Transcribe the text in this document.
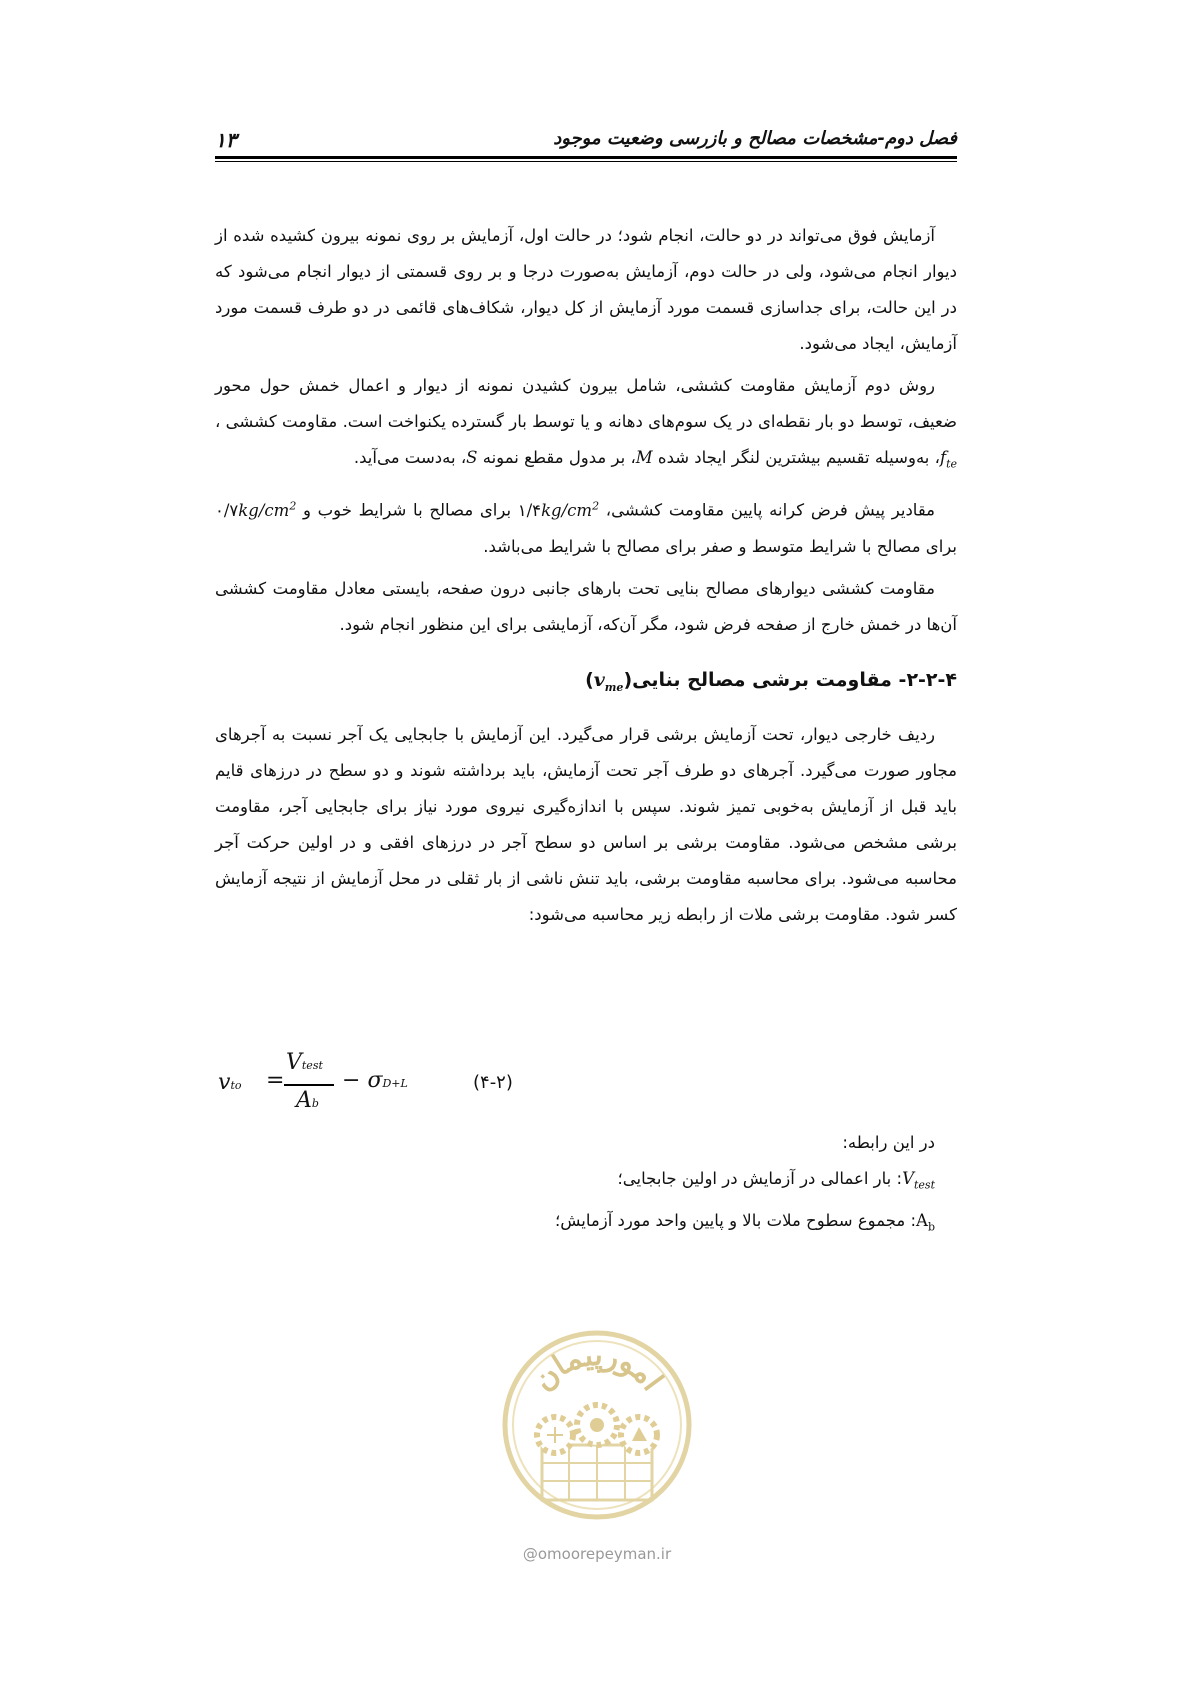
فصل دوم-مشخصات مصالح و بازرسی وضعیت موجود
۱۳

آزمایش فوق می‌تواند در دو حالت، انجام شود؛ در حالت اول، آزمایش بر روی نمونه بیرون کشیده شده از دیوار انجام می‌شود، ولی در حالت دوم، آزمایش به‌صورت درجا و بر روی قسمتی از دیوار انجام می‌شود که در این حالت، برای جداسازی قسمت مورد آزمایش از کل دیوار، شکاف‌های قائمی در دو طرف قسمت مورد آزمایش، ایجاد می‌شود.

روش دوم آزمایش مقاومت کششی، شامل بیرون کشیدن نمونه از دیوار و اعمال خمش حول محور ضعیف، توسط دو بار نقطه‌ای در یک سوم‌های دهانه و یا توسط بار گسترده یکنواخت است. مقاومت کششی ، $f_{te}،$ به‌وسیله تقسیم بیشترین لنگر ایجاد شده M، بر مدول مقطع نمونه S، به‌دست می‌آید.

مقادیر پیش فرض کرانه پایین مقاومت کششی، $۱/۴kg/cm^2$ برای مصالح با شرایط خوب و $۰/۷kg/cm^2$ برای مصالح با شرایط متوسط و صفر برای مصالح با شرایط می‌باشد.

مقاومت کششی دیوارهای مصالح بنایی تحت بارهای جانبی درون صفحه، بایستی معادل مقاومت کششی آن‌ها در خمش خارج از صفحه فرض شود، مگر آن‌که، آزمایشی برای این منظور انجام شود.

۲-۲-۴- مقاومت برشی مصالح $بنایی(v_{me})$

ردیف خارجی دیوار، تحت آزمایش برشی قرار می‌گیرد. این آزمایش با جابجایی یک آجر نسبت به آجرهای مجاور صورت می‌گیرد. آجرهای دو طرف آجر تحت آزمایش، باید برداشته شوند و دو سطح در درزهای قایم باید قبل از آزمایش به‌خوبی تمیز شوند. سپس با اندازه‌گیری نیروی مورد نیاز برای جابجایی آجر، مقاومت برشی مشخص می‌شود. مقاومت برشی بر اساس دو سطح آجر در درزهای افقی و در اولین حرکت آجر محاسبه می‌شود. برای محاسبه مقاومت برشی، باید تنش ناشی از بار ثقلی در محل آزمایش از نتیجه آزمایش کسر شود. مقاومت برشی ملات از رابطه زیر محاسبه می‌شود:

vto =
Vtest
Ab
− σD+L	(۴-۲)

در این رابطه:

$V_{test}$: بار اعمالی در آزمایش در اولین جابجایی؛

$A_b$: مجموع سطوح ملات بالا و پایین واحد مورد آزمایش؛

امورپیمان
@omoorepeyman.ir
